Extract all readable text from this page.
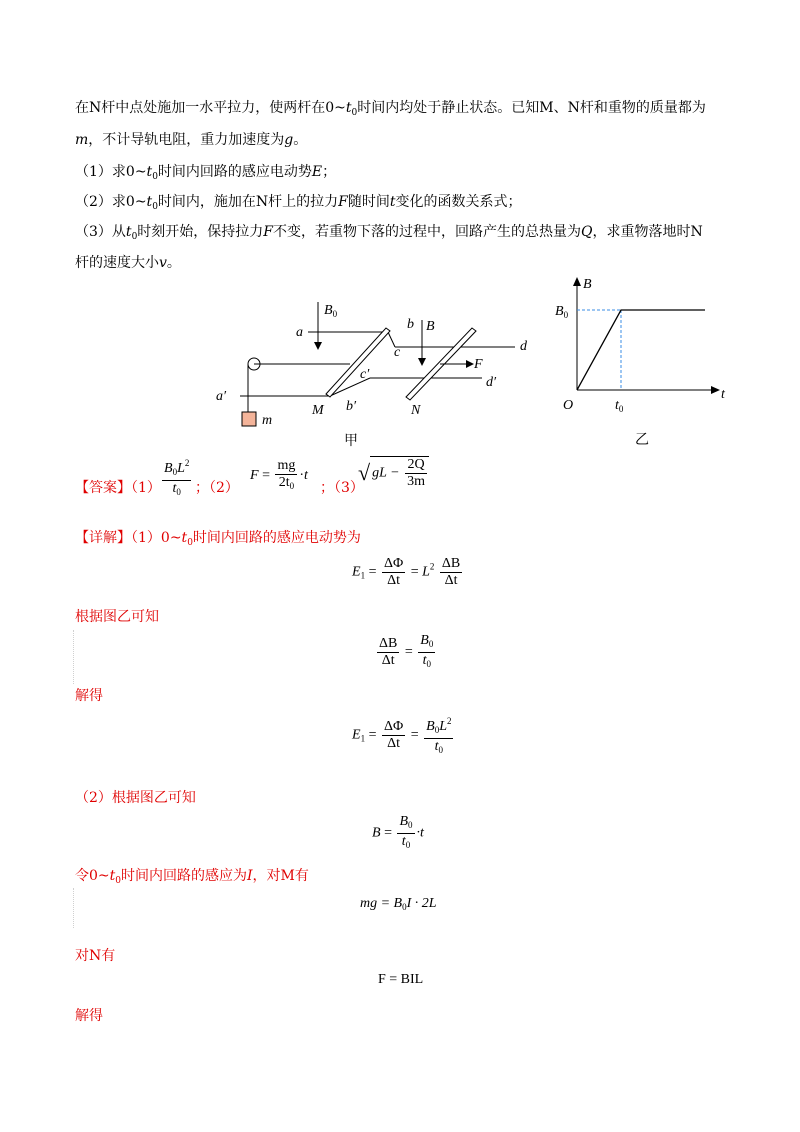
在N杆中点处施加一水平拉力，使两杆在$0\sim t_0$时间内均处于静止状态。已知M、N杆和重物的质量都为
m，不计导轨电阻，重力加速度为g。
（1）求$0\sim t_0$时间内回路的感应电动势E；
（2）求$0\sim t_0$时间内，施加在N杆上的拉力F随时间t变化的函数关系式；
（3）从$t_0$时刻开始，保持拉力F不变，若重物下落的过程中，回路产生的总热量为Q，求重物落地时N
杆的速度大小v。
a
b
c	d
a′
b′
c′
d′
M	N
F
m
$B_0$
B
甲
B
t
O
$B_0$
$t_0$
乙
【答案】$(1) \frac{B_0L^2}{t_0}$ ；（2）
$F = \frac{mg}{2t_0} \cdot t$
；（3）
√ gL − $\frac{2Q}{3m}$
【详解】$(1)0\sim t_0$时间内回路的感应电动势为
$E_1 = \frac{\Delta\Phi}{\Delta t} = L^2 \frac{\Delta B}{\Delta t}$
根据图乙可知
$\frac{\Delta B}{\Delta t} = \frac{B_0}{t_0}$
解得
$E_1 = \frac{\Delta\Phi}{\Delta t} = \frac{B_0L^2}{t_0}$
（2）根据图乙可知
$B = \frac{B_0}{t_0} \cdot t$
令$0\sim t_0$时间内回路的感应为I，对M有
mg = $B_0I \cdot 2L$
对N有
F = BIL
解得
